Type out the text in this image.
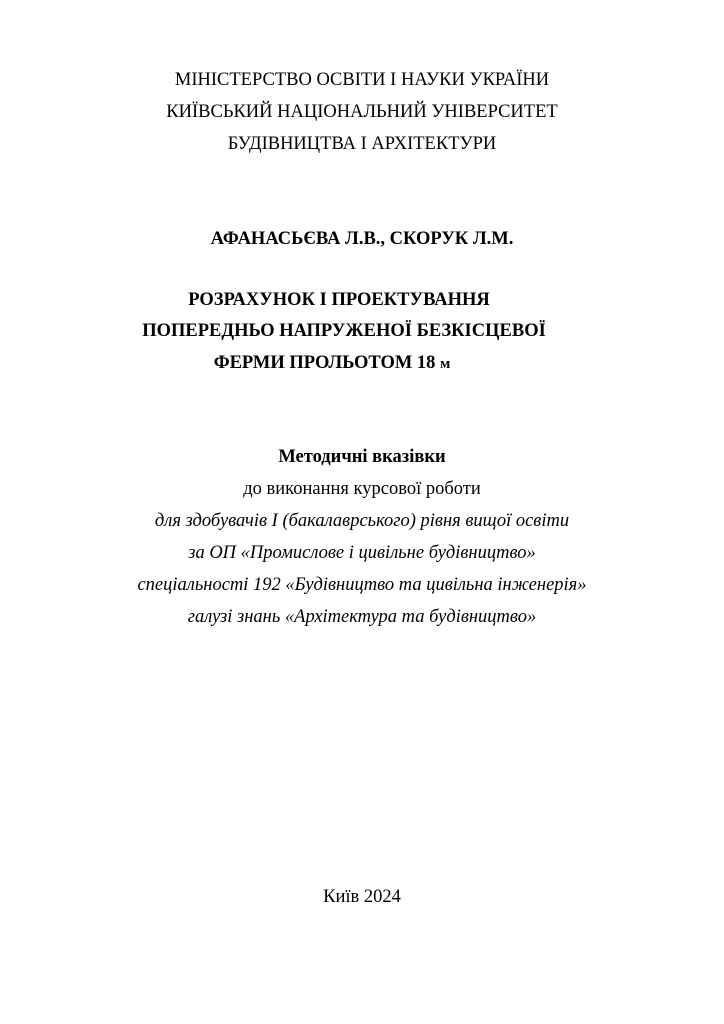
МІНІСТЕРСТВО ОСВІТИ І НАУКИ УКРАЇНИ
КИЇВСЬКИЙ НАЦІОНАЛЬНИЙ УНІВЕРСИТЕТ
БУДІВНИЦТВА І АРХІТЕКТУРИ
АФАНАСЬЄВА Л.В., СКОРУК Л.М.
РОЗРАХУНОК І ПРОЕКТУВАННЯ
ПОПЕРЕДНЬО НАПРУЖЕНОЇ БЕЗКІСЦЕВОЇ
ФЕРМИ ПРОЛЬОТОМ 18 м
Методичні вказівки
до виконання курсової роботи
для здобувачів І (бакалаврського) рівня вищої освіти
за ОП «Промислове і цивільне будівництво»
спеціальності 192 «Будівництво та цивільна інженерія»
галузі знань «Архітектура та будівництво»
Київ 2024
